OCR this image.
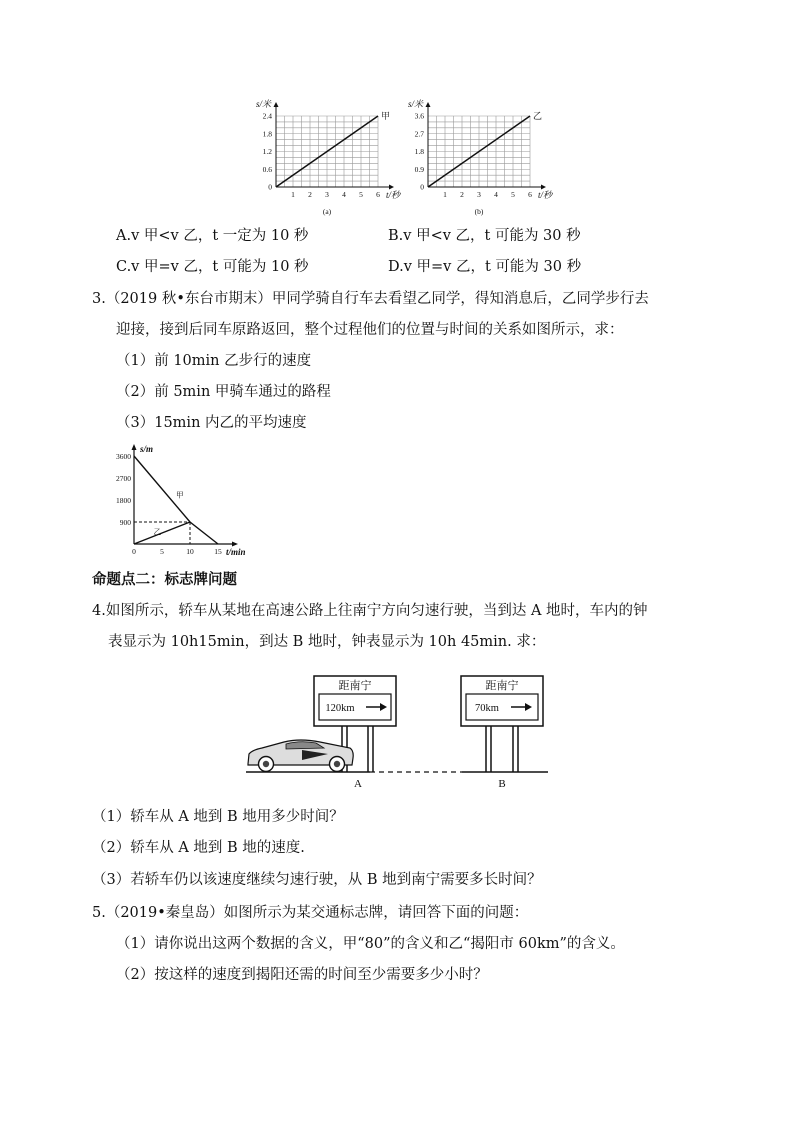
1 2 3 4 5 6
0
0.6
1.2
1.8
2.4
s/米
t/秒
甲
(a)
1 2 3 4 5 6
0
0.9
1.8
2.7
3.6
s/米
t/秒
乙
(b)
A.v 甲<v 乙，t 一定为 10 秒	B.v 甲<v 乙，t 可能为 30 秒
C.v 甲=v 乙，t 可能为 10 秒	D.v 甲=v 乙，t 可能为 30 秒
3.（2019 秋•东台市期末）甲同学骑自行车去看望乙同学，得知消息后，乙同学步行去
迎接，接到后同车原路返回，整个过程他们的位置与时间的关系如图所示，求：
（1）前 10min 乙步行的速度
（2）前 5min 甲骑车通过的路程
（3）15min 内乙的平均速度
900
1800
2700
3600
0	5	10	15
s/m
t/min
甲
乙
命题点二：标志牌问题
4.如图所示，轿车从某地在高速公路上往南宁方向匀速行驶，当到达 A 地时，车内的钟
表显示为 10h15min，到达 B 地时，钟表显示为 10h 45min. 求：
距南宁
120km
距南宁
70km
A	B
（1）轿车从 A 地到 B 地用多少时间？
（2）轿车从 A 地到 B 地的速度.
（3）若轿车仍以该速度继续匀速行驶，从 B 地到南宁需要多长时间？
5.（2019•秦皇岛）如图所示为某交通标志牌，请回答下面的问题：
（1）请你说出这两个数据的含义，甲“80”的含义和乙“揭阳市 60km”的含义。
（2）按这样的速度到揭阳还需的时间至少需要多少小时？
